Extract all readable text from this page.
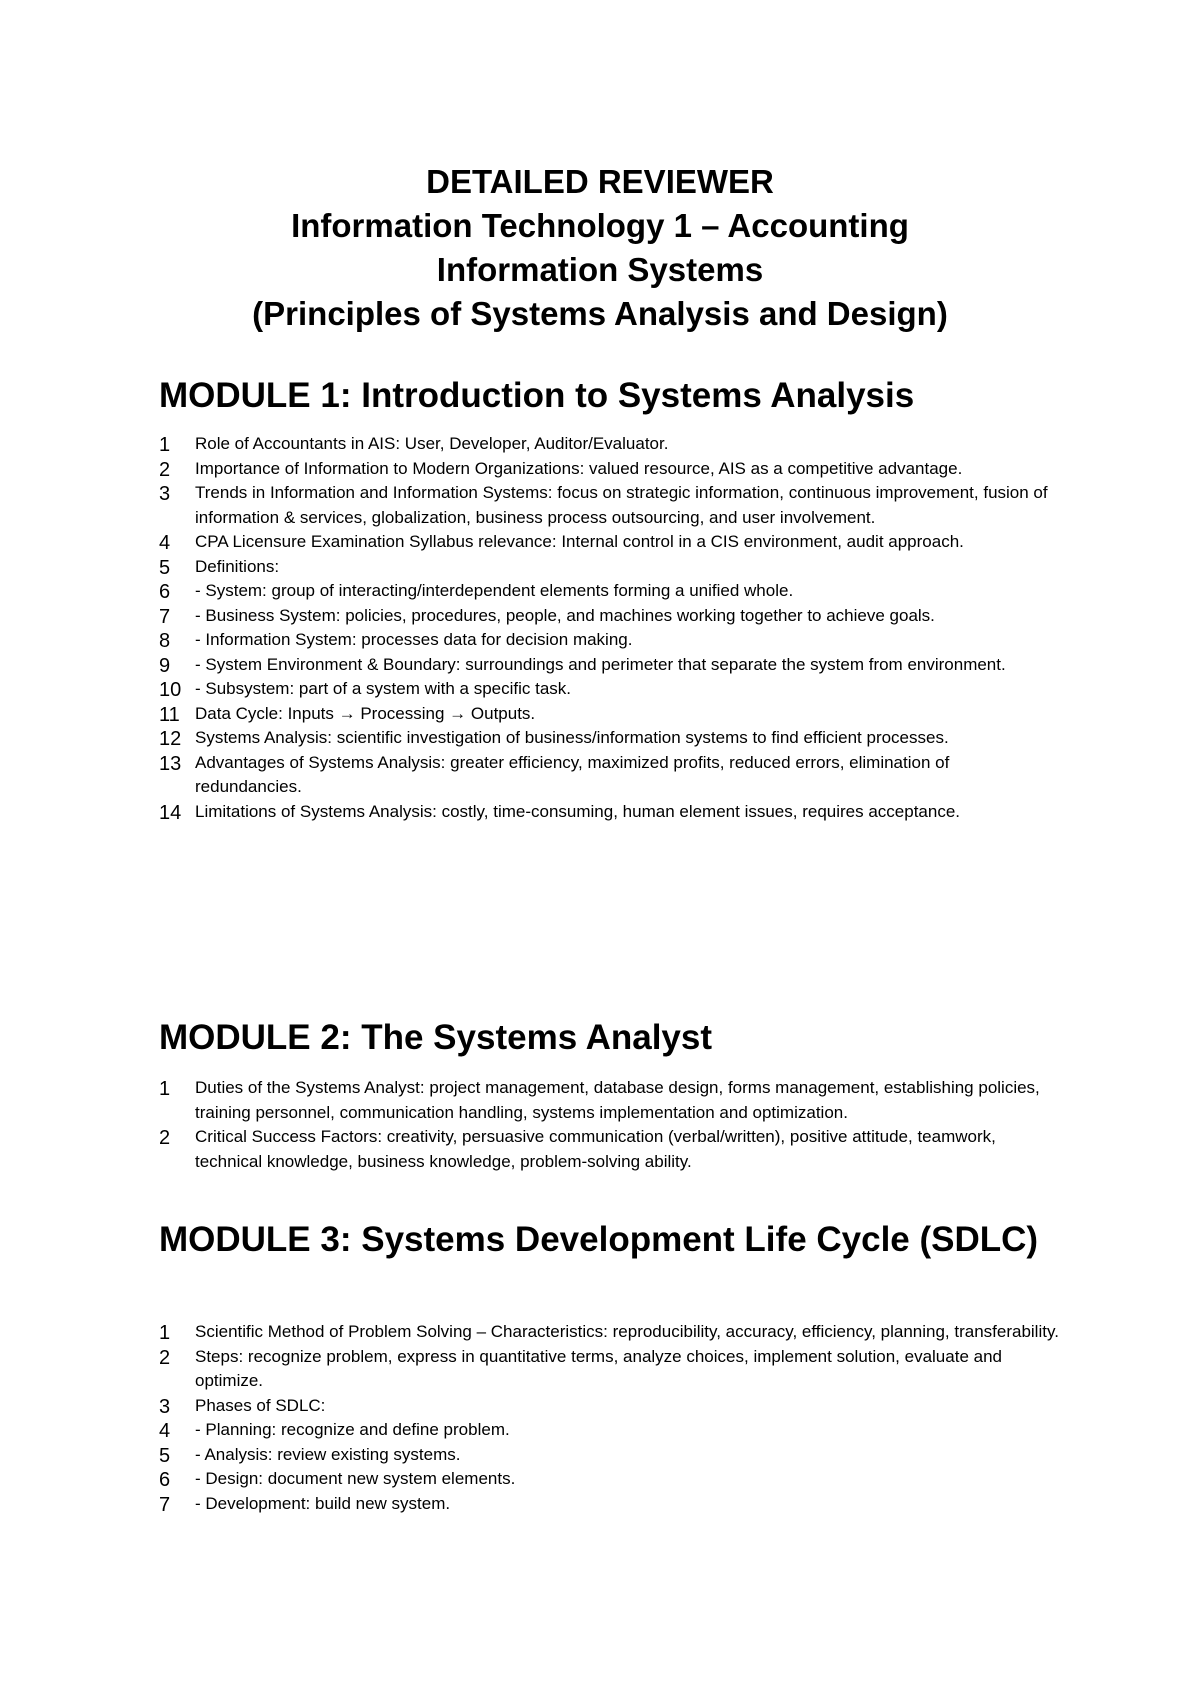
DETAILED REVIEWER
Information Technology 1 – Accounting
Information Systems
(Principles of Systems Analysis and Design)
MODULE 1: Introduction to Systems Analysis
1	Role of Accountants in AIS: User, Developer, Auditor/Evaluator.
2	Importance of Information to Modern Organizations: valued resource, AIS as a competitive advantage.
3	Trends in Information and Information Systems: focus on strategic information, continuous improvement, fusion of information & services, globalization, business process outsourcing, and user involvement.
4	CPA Licensure Examination Syllabus relevance: Internal control in a CIS environment, audit approach.
5	Definitions:
6	- System: group of interacting/interdependent elements forming a unified whole.
7	- Business System: policies, procedures, people, and machines working together to achieve goals.
8	- Information System: processes data for decision making.
9	- System Environment & Boundary: surroundings and perimeter that separate the system from environment.
10 - Subsystem: part of a system with a specific task.
11 Data Cycle: Inputs → Processing → Outputs.
12 Systems Analysis: scientific investigation of business/information systems to find efficient processes.
13 Advantages of Systems Analysis: greater efficiency, maximized profits, reduced errors, elimination of redundancies.
14 Limitations of Systems Analysis: costly, time-consuming, human element issues, requires acceptance.
MODULE 2: The Systems Analyst
1	Duties of the Systems Analyst: project management, database design, forms management, establishing policies, training personnel, communication handling, systems implementation and optimization.
2	Critical Success Factors: creativity, persuasive communication (verbal/written), positive attitude, teamwork, technical knowledge, business knowledge, problem-solving ability.
MODULE 3: Systems Development Life Cycle (SDLC)
1	Scientific Method of Problem Solving – Characteristics: reproducibility, accuracy, efficiency, planning, transferability.
2	Steps: recognize problem, express in quantitative terms, analyze choices, implement solution, evaluate and optimize.
3	Phases of SDLC:
4	- Planning: recognize and define problem.
5	- Analysis: review existing systems.
6	- Design: document new system elements.
7	- Development: build new system.
